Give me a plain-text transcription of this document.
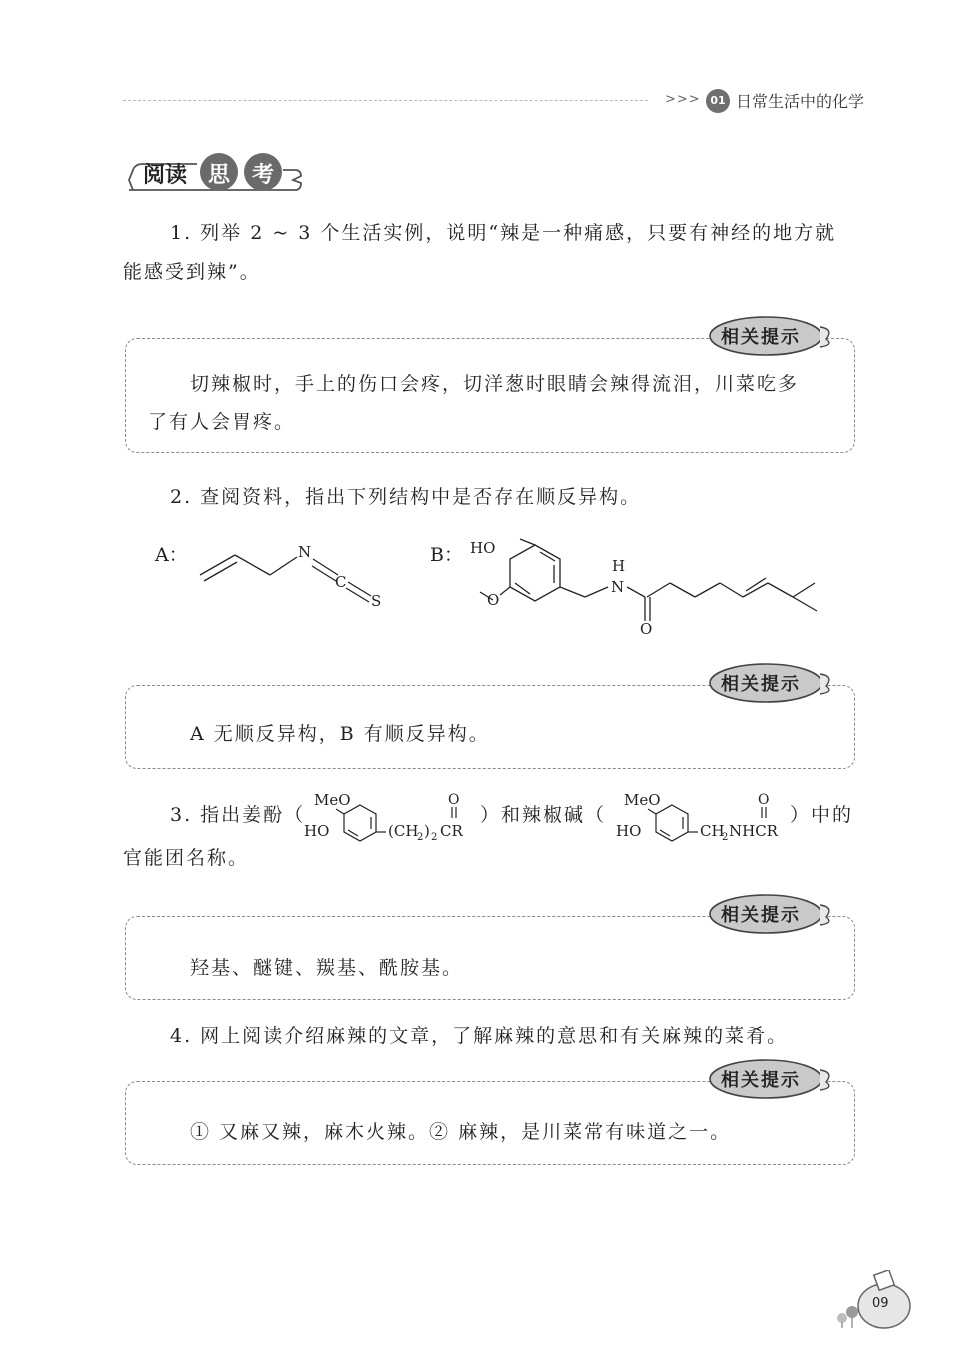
>>> 01 日常生活中的化学
阅读 思 考
1. 列举 2 ~ 3 个生活实例，说明“辣是一种痛感，只要有神经的地方就
能感受到辣”。
相关提示
切辣椒时，手上的伤口会疼，切洋葱时眼睛会辣得流泪，川菜吃多
了有人会胃疼。
2. 查阅资料，指出下列结构中是否存在顺反异构。
A：	N
C
S
B： HO
O
H
N
O
相关提示
A 无顺反异构，B 有顺反异构。
3. 指出姜酚（
MeO
HO	(CH
2 ) 2 CR
O
）和辣椒碱（
MeO
HO	CH
2 NHCR
O
）中的
官能团名称。
相关提示
羟基、醚键、羰基、酰胺基。
4. 网上阅读介绍麻辣的文章，了解麻辣的意思和有关麻辣的菜肴。
相关提示
① 又麻又辣，麻木火辣。② 麻辣，是川菜常有味道之一。
09
